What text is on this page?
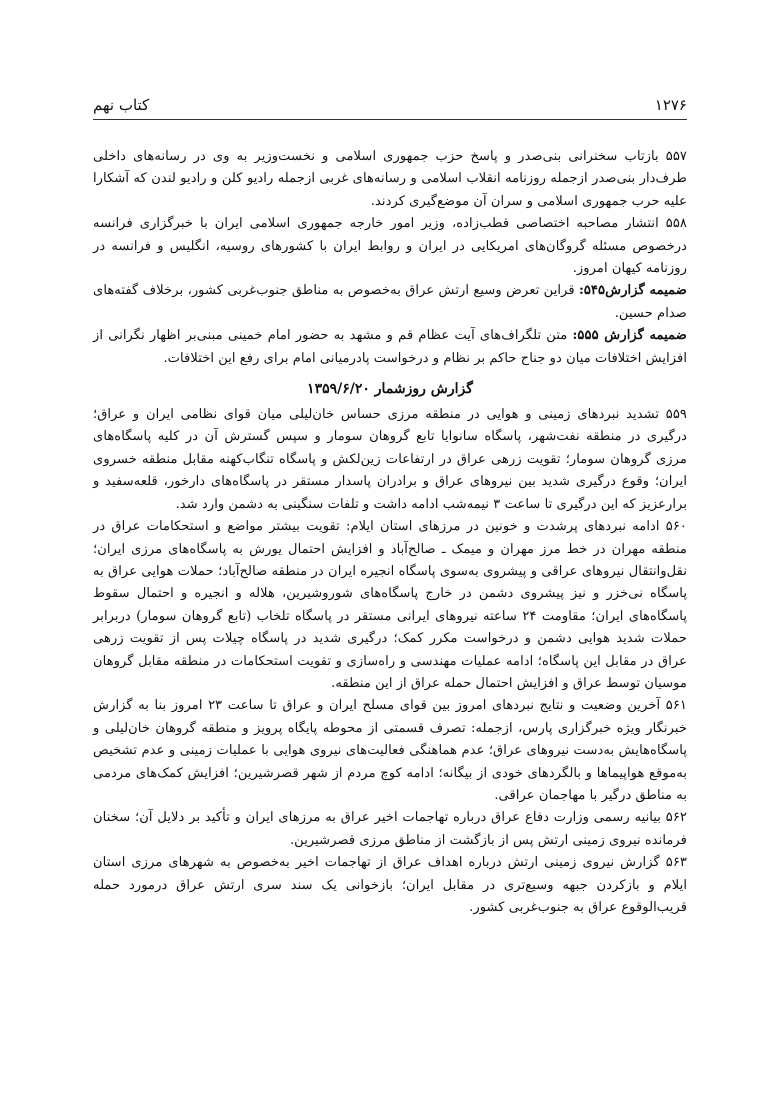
۱۲۷۶
کتاب نهم
۵۵۷ بازتاب سخنرانی بنی‌صدر و پاسخ حزب جمهوری اسلامی و نخست‌وزیر به وی در رسانه‌های داخلی طرف‌دار بنی‌صدر ازجمله روزنامه انقلاب اسلامی و رسانه‌های غربی ازجمله رادیو کلن و رادیو لندن که آشکارا علیه حرب جمهوری اسلامی و سران آن موضع‌گیری کردند.
۵۵۸ انتشار مصاحبه اختصاصی قطب‌زاده، وزیر امور خارجه جمهوری اسلامی ایران با خبرگزاری فرانسه درخصوص مسئله گروگان‌های امریکایی در ایران و روابط ایران با کشورهای روسیه، انگلیس و فرانسه در روزنامه کیهان امروز.
ضمیمه گزارش۵۴۵: قراین تعرض وسیع ارتش عراق به‌خصوص به مناطق جنوب‌غربی کشور، برخلاف گفته‌های صدام حسین.
ضمیمه گزارش ۵۵۵: متن تلگراف‌های آیت عظام قم و مشهد به حضور امام خمینی مبنی‌بر اظهار نگرانی از افزایش اختلافات میان دو جناح حاکم بر نظام و درخواست پادرمیانی امام برای رفع این اختلافات.
گزارش روزشمار ۱۳۵۹/۶/۲۰
۵۵۹ تشدید نبردهای زمینی و هوایی در منطقه مرزی حساس خان‌لیلی میان قوای نظامی ایران و عراق؛ درگیری در منطقه نفت‌شهر، پاسگاه سانوایا تابع گروهان سومار و سپس گسترش آن در کلیه پاسگاه‌های مرزی گروهان سومار؛ تقویت زرهی عراق در ارتفاعات زین‌لکش و پاسگاه تنگاب‌کهنه مقابل منطقه خسروی ایران؛ وقوع درگیری شدید بین نیروهای عراق و برادران پاسدار مستقر در پاسگاه‌های دارخور، قلعه‌سفید و برارعزیز که این درگیری تا ساعت ۳ نیمه‌شب ادامه داشت و تلفات سنگینی به دشمن وارد شد.
۵۶۰ ادامه نبردهای پرشدت و خونین در مرزهای استان ایلام: تقویت بیشتر مواضع و استحکامات عراق در منطقه مهران در خط مرز مهران و میمک ـ صالح‌آباد و افزایش احتمال یورش به پاسگاه‌های مرزی ایران؛ نقل‌وانتقال نیروهای عراقی و پیشروی به‌سوی پاسگاه انجیره ایران در منطقه صالح‌آباد؛ حملات هوایی عراق به پاسگاه نی‌خزر و نیز پیشروی دشمن در خارج پاسگاه‌های شوروشیرین، هلاله و انجیره و احتمال سقوط پاسگاه‌های ایران؛ مقاومت ۲۴ ساعته نیروهای ایرانی مستقر در پاسگاه تلخاب (تابع گروهان سومار) دربرابر حملات شدید هوایی دشمن و درخواست مکرر کمک؛ درگیری شدید در پاسگاه چیلات پس از تقویت زرهی عراق در مقابل این پاسگاه؛ ادامه عملیات مهندسی و راه‌سازی و تقویت استحکامات در منطقه مقابل گروهان موسیان توسط عراق و افزایش احتمال حمله عراق از این منطقه.
۵۶۱ آخرین وضعیت و نتایج نبردهای امروز بین قوای مسلح ایران و عراق تا ساعت ۲۳ امروز بنا به گزارش خبرنگار ویژه خبرگزاری پارس، ازجمله: تصرف قسمتی از محوطه پایگاه پرویز و منطقه گروهان خان‌لیلی و پاسگاه‌هایش به‌دست نیروهای عراق؛ عدم هماهنگی فعالیت‌های نیروی هوایی با عملیات زمینی و عدم تشخیص به‌موقع هواپیماها و بالگردهای خودی از بیگانه؛ ادامه کوچ مردم از شهر قصرشیرین؛ افزایش کمک‌های مردمی به مناطق درگیر با مهاجمان عراقی.
۵۶۲ بیانیه رسمی وزارت دفاع عراق درباره تهاجمات اخیر عراق به مرزهای ایران و تأکید بر دلایل آن؛ سخنان فرمانده نیروی زمینی ارتش پس از بازگشت از مناطق مرزی قصرشیرین.
۵۶۳ گزارش نیروی زمینی ارتش درباره اهداف عراق از تهاجمات اخیر به‌خصوص به شهرهای مرزی استان ایلام و بازکردن جبهه وسیع‌تری در مقابل ایران؛ بازخوانی یک سند سری ارتش عراق درمورد حمله قریب‌الوقوع عراق به جنوب‌غربی کشور.
